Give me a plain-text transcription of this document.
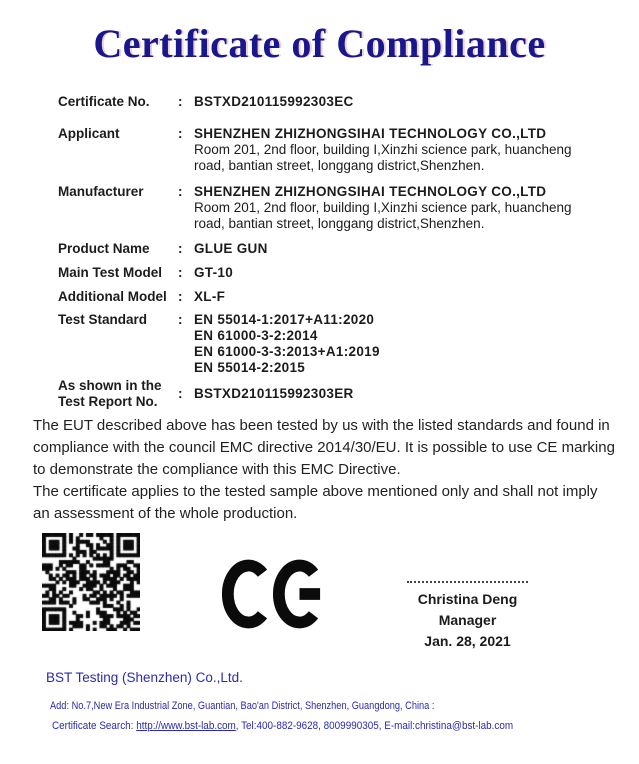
Certificate of Compliance
Certificate No.	: BSTXD210115992303EC
Applicant	: SHENZHEN ZHIZHONGSIHAI TECHNOLOGY CO.,LTD
Room 201, 2nd floor, building I,Xinzhi science park, huancheng
road, bantian street, longgang district,Shenzhen.
Manufacturer	: SHENZHEN ZHIZHONGSIHAI TECHNOLOGY CO.,LTD
Room 201, 2nd floor, building I,Xinzhi science park, huancheng
road, bantian street, longgang district,Shenzhen.
Product Name	: GLUE GUN
Main Test Model	: GT-10
Additional Model : XL-F
Test Standard	: EN 55014-1:2017+A11:2020
EN 61000-3-2:2014
EN 61000-3-3:2013+A1:2019
EN 55014-2:2015
As shown in the
Test Report No.
: BSTXD210115992303ER

The EUT described above has been tested by us with the listed standards and found in compliance with the council EMC directive 2014/30/EU. It is possible to use CE marking to demonstrate the compliance with this EMC Directive.

The certificate applies to the tested sample above mentioned only and shall not imply an assessment of the whole production.

Christina Deng
Manager
Jan. 28, 2021
BST Testing (Shenzhen) Co.,Ltd.
Add: No.7,New Era Industrial Zone, Guantian, Bao'an District, Shenzhen, Guangdong, China :
Certificate Search: http://www.bst-lab.com, Tel:400-882-9628, 8009990305, E-mail:christina@bst-lab.com
